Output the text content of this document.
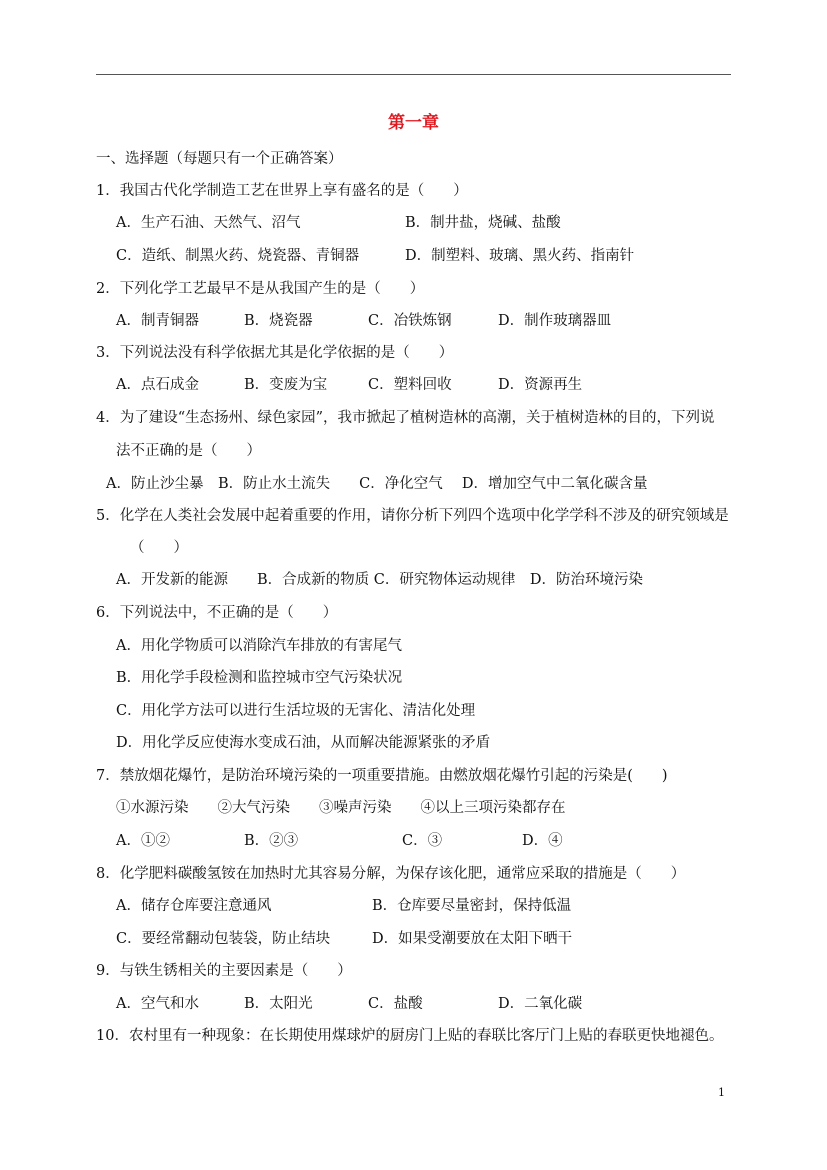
第一章
一、选择题（每题只有一个正确答案）
1．我国古代化学制造工艺在世界上享有盛名的是（　　）
A．生产石油、天然气、沼气	B．制井盐，烧碱、盐酸
C．造纸、制黑火药、烧瓷器、青铜器	D．制塑料、玻璃、黑火药、指南针
2．下列化学工艺最早不是从我国产生的是（　　）
A．制青铜器	B．烧瓷器	C．冶铁炼钢	D．制作玻璃器皿
3．下列说法没有科学依据尤其是化学依据的是（　　）
A．点石成金	B．变废为宝	C．塑料回收	D．资源再生
4．为了建设“生态扬州、绿色家园”，我市掀起了植树造林的高潮，关于植树造林的目的，下列说
法不正确的是（　　）
A．防止沙尘暴　B．防止水土流失　　C．净化空气　 D．增加空气中二氧化碳含量
5．化学在人类社会发展中起着重要的作用，请你分析下列四个选项中化学学科不涉及的研究领域是
（　　）
A．开发新的能源　　B．合成新的物质 C．研究物体运动规律　D．防治环境污染
6．下列说法中，不正确的是（　　）
A．用化学物质可以消除汽车排放的有害尾气
B．用化学手段检测和监控城市空气污染状况
C．用化学方法可以进行生活垃圾的无害化、清洁化处理
D．用化学反应使海水变成石油，从而解决能源紧张的矛盾
7．禁放烟花爆竹，是防治环境污染的一项重要措施。由燃放烟花爆竹引起的污染是(　　)
①水源污染　　②大气污染　　③噪声污染　　④以上三项污染都存在
A．①②	B．②③	C．③	D．④
8．化学肥料碳酸氢铵在加热时尤其容易分解，为保存该化肥，通常应采取的措施是（　　）
A．储存仓库要注意通风	B．仓库要尽量密封，保持低温
C．要经常翻动包装袋，防止结块	D．如果受潮要放在太阳下晒干
9．与铁生锈相关的主要因素是（　　）
A．空气和水	B．太阳光	C．盐酸	D．二氧化碳
10．农村里有一种现象：在长期使用煤球炉的厨房门上贴的春联比客厅门上贴的春联更快地褪色。
1
